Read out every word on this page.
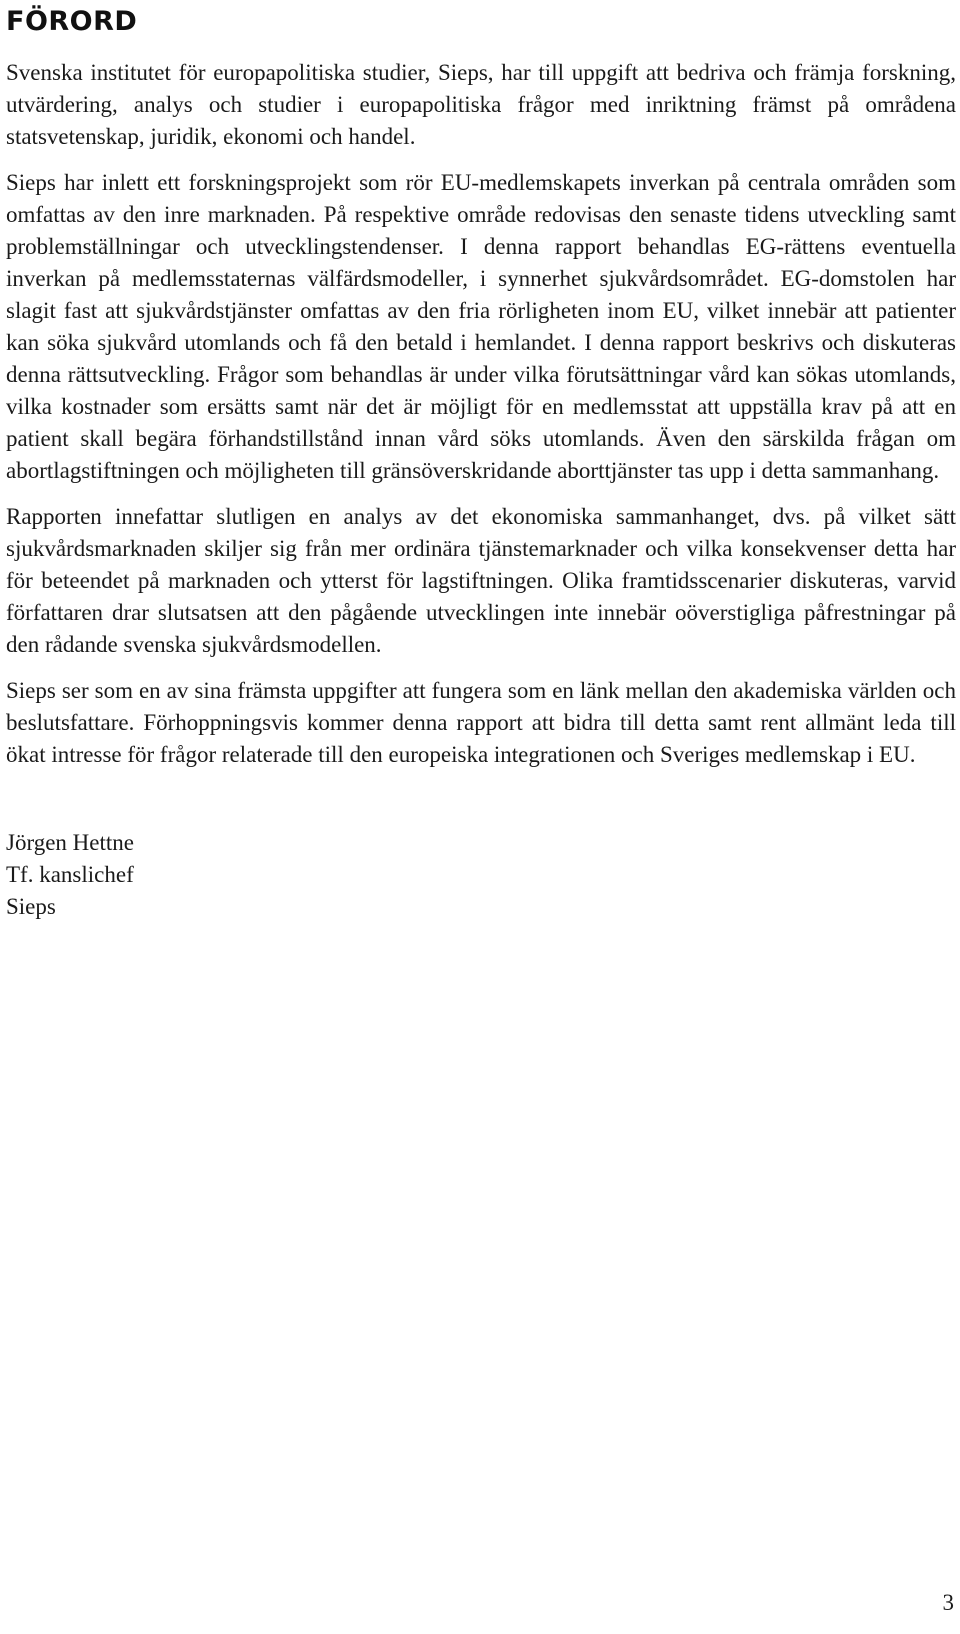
FÖRORD

Svenska institutet för europapolitiska studier, Sieps, har till uppgift att bedriva och främja forskning, utvärdering, analys och studier i europapolitiska frågor med inriktning främst på områdena statsvetenskap, juridik, ekonomi och handel.

Sieps har inlett ett forskningsprojekt som rör EU-medlemskapets inverkan på centrala områden som omfattas av den inre marknaden. På respektive område redovisas den senaste tidens utveckling samt problemställningar och utvecklingstendenser. I denna rapport behandlas EG-rättens eventuella inverkan på medlemsstaternas välfärdsmodeller, i synnerhet sjukvårdsområdet. EG-domstolen har slagit fast att sjukvårdstjänster omfattas av den fria rörligheten inom EU, vilket innebär att patienter kan söka sjukvård utomlands och få den betald i hemlandet. I denna rapport beskrivs och diskuteras denna rättsutveckling. Frågor som behandlas är under vilka förutsättningar vård kan sökas utomlands, vilka kostnader som ersätts samt när det är möjligt för en medlemsstat att uppställa krav på att en patient skall begära förhandstillstånd innan vård söks utomlands. Även den särskilda frågan om abortlagstiftningen och möjligheten till gränsöverskridande aborttjänster tas upp i detta sammanhang.

Rapporten innefattar slutligen en analys av det ekonomiska sammanhanget, dvs. på vilket sätt sjukvårdsmarknaden skiljer sig från mer ordinära tjänstemarknader och vilka konsekvenser detta har för beteendet på marknaden och ytterst för lagstiftningen. Olika framtidsscenarier diskuteras, varvid författaren drar slutsatsen att den pågående utvecklingen inte innebär oöverstigliga påfrestningar på den rådande svenska sjukvårdsmodellen.

Sieps ser som en av sina främsta uppgifter att fungera som en länk mellan den akademiska världen och beslutsfattare. Förhoppningsvis kommer denna rapport att bidra till detta samt rent allmänt leda till ökat intresse för frågor relaterade till den europeiska integrationen och Sveriges medlemskap i EU.

Jörgen Hettne
Tf. kanslichef
Sieps
3
